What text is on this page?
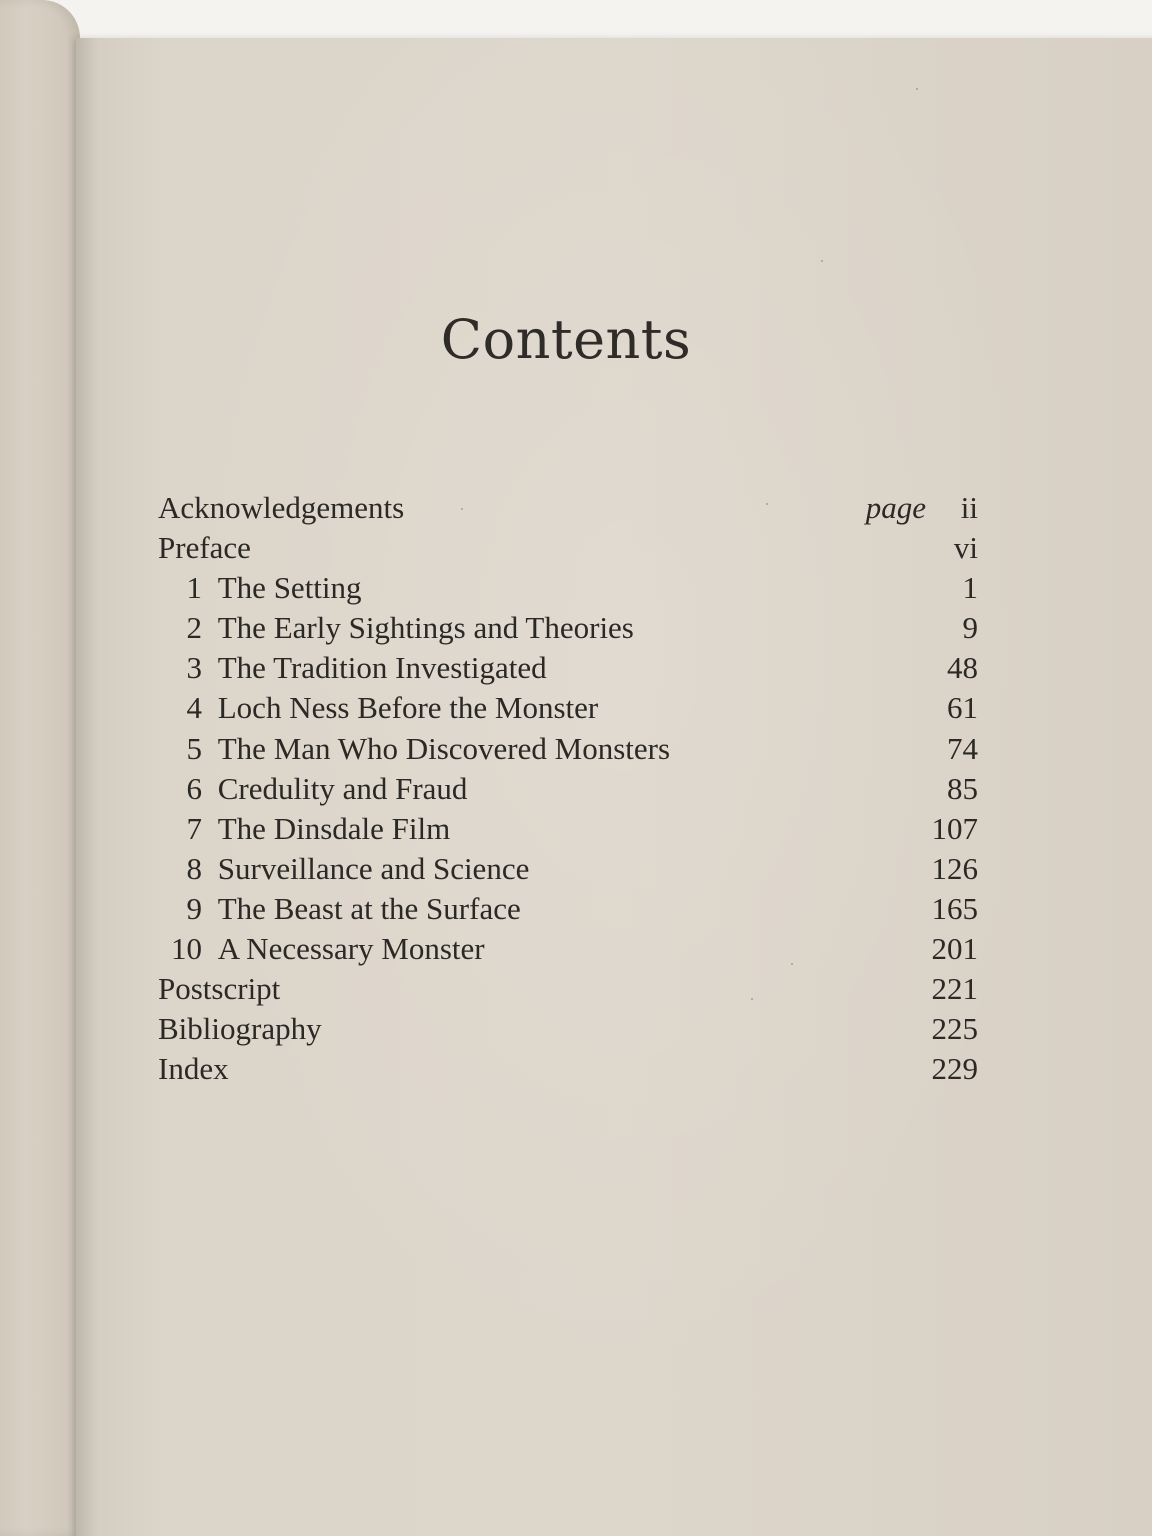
Contents
Acknowledgements	page ii
Preface	vi
1 The Setting	1
2 The Early Sightings and Theories	9
3 The Tradition Investigated	48
4 Loch Ness Before the Monster	61
5 The Man Who Discovered Monsters	74
6 Credulity and Fraud	85
7 The Dinsdale Film	107
8 Surveillance and Science	126
9 The Beast at the Surface	165
10 A Necessary Monster	201
Postscript	221
Bibliography	225
Index	229
